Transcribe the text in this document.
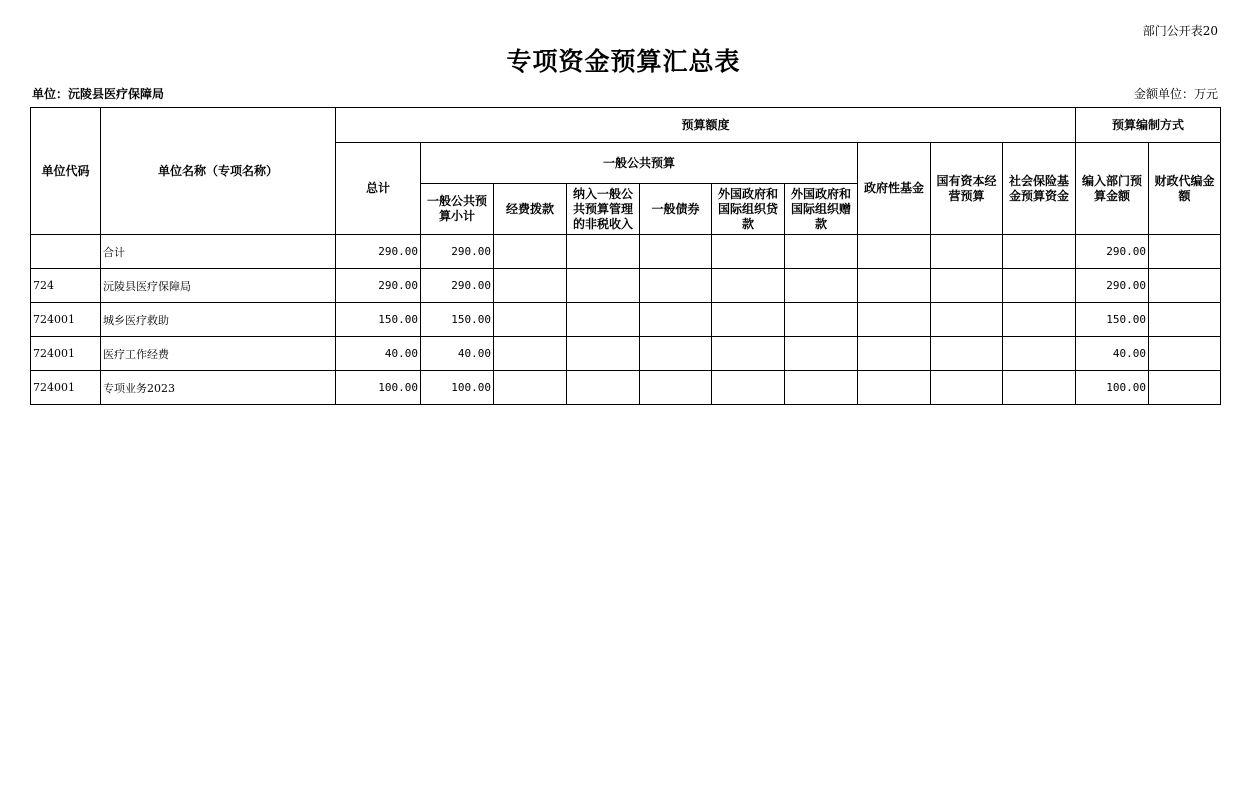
部门公开表20
专项资金预算汇总表
单位：沅陵县医疗保障局	金额单位：万元
单位代码	单位名称（专项名称）	预算额度										预算编制方式	
		总计	一般公共预算						政府性基金	国有资本经营预算	社会保险基金预算资金	编入部门预算金额	财政代编金额
			一般公共预算小计	经费拨款	纳入一般公共预算管理的非税收入	一般债券	外国政府和国际组织贷款	外国政府和国际组织赠款					
	合计	290.00	290.00									290.00	
724	沅陵县医疗保障局	290.00	290.00									290.00	
724001	城乡医疗救助	150.00	150.00									150.00	
724001	医疗工作经费	40.00	40.00									40.00	
724001	专项业务2023	100.00	100.00									100.00	
